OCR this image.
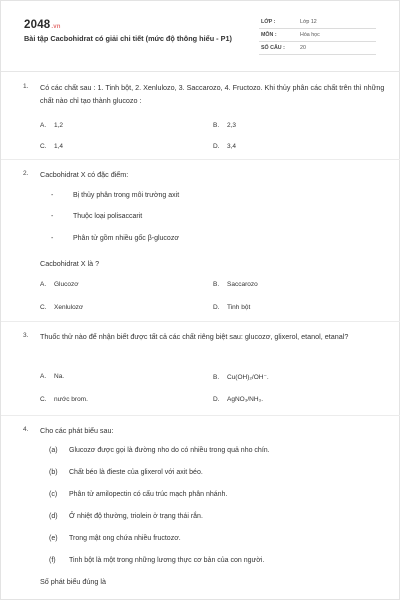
2048.vn
Bài tập Cacbohidrat có giải chi tiết (mức độ thông hiểu - P1)
LỚP :	Lớp 12
MÔN :	Hóa học
SỐ CÂU :	20
1. Có các chất sau : 1. Tinh bột, 2. Xenlulozo, 3. Saccarozo, 4. Fructozo. Khi thủy phân các chất trên thì những chất nào chỉ tạo thành glucozo :
A. 1,2	B. 2,3
C. 1,4	D. 3,4
2. Cacbohidrat X có đặc điểm:
-	Bị thủy phân trong môi trường axit
-	Thuộc loại polisaccarit
-	Phân tử gồm nhiều gốc β-glucozơ
Cacbohidrat X là ?
A. Glucozơ	B. Saccarozo
C. Xenlulozơ	D. Tinh bột
3. Thuốc thử nào để nhận biết được tất cả các chất riêng biệt sau: glucozơ, glixerol, etanol, etanal?
A. Na.	B. Cu(OH)₂/OH⁻.
C. nước brom.	D. AgNO₃/NH₃.
4. Cho các phát biểu sau:
(a) Glucozơ được gọi là đường nho do có nhiều trong quả nho chín.
(b) Chất béo là đieste của glixerol với axit béo.
(c) Phân tử amilopectin có cấu trúc mạch phân nhánh.
(d) Ở nhiệt độ thường, triolein ở trạng thái rắn.
(e) Trong mật ong chứa nhiều fructozơ.
(f) Tinh bột là một trong những lương thực cơ bản của con người.
Số phát biểu đúng là
